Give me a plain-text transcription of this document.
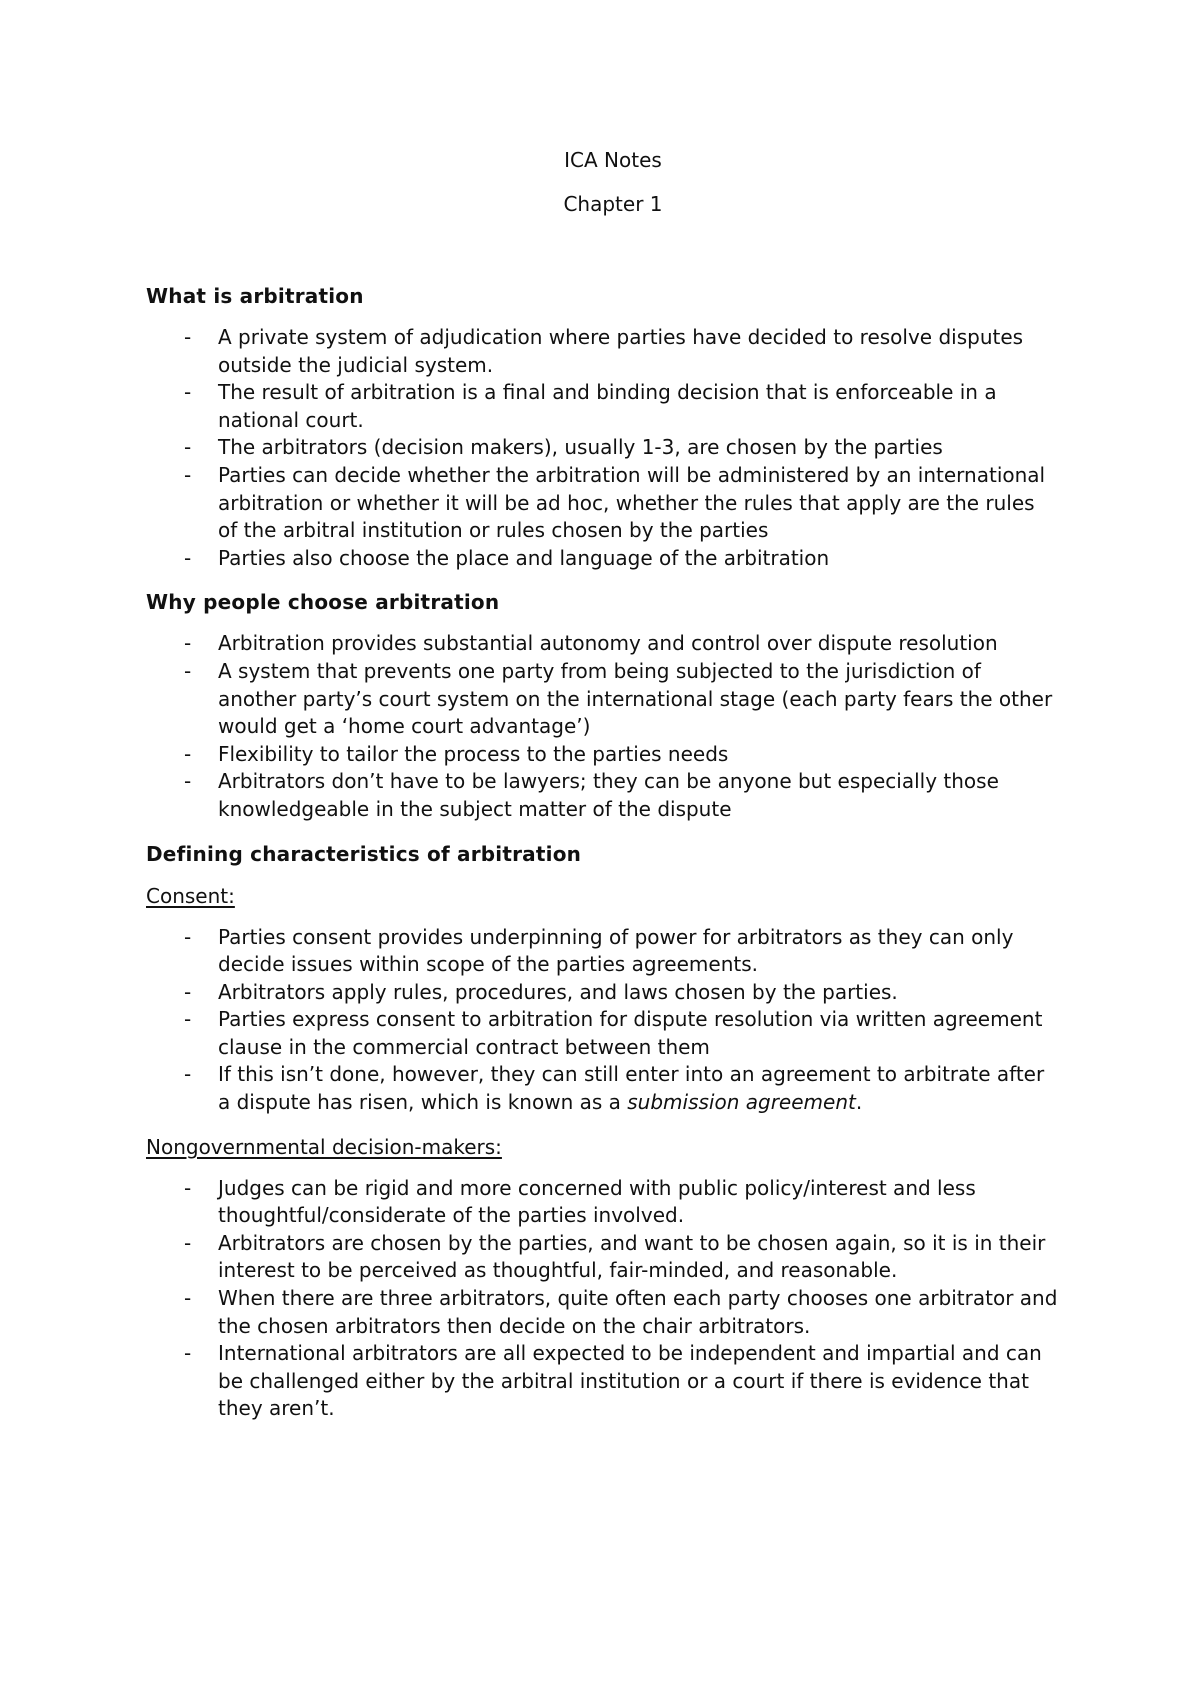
ICA Notes

Chapter 1

What is arbitration
- A private system of adjudication where parties have decided to resolve disputes outside the judicial system.
- The result of arbitration is a final and binding decision that is enforceable in a national court.
- The arbitrators (decision makers), usually 1-3, are chosen by the parties
- Parties can decide whether the arbitration will be administered by an international arbitration or whether it will be ad hoc, whether the rules that apply are the rules of the arbitral institution or rules chosen by the parties
- Parties also choose the place and language of the arbitration
Why people choose arbitration
- Arbitration provides substantial autonomy and control over dispute resolution
- A system that prevents one party from being subjected to the jurisdiction of another party’s court system on the international stage (each party fears the other would get a ‘home court advantage’)
- Flexibility to tailor the process to the parties needs
- Arbitrators don’t have to be lawyers; they can be anyone but especially those knowledgeable in the subject matter of the dispute
Defining characteristics of arbitration

Consent:

- Parties consent provides underpinning of power for arbitrators as they can only decide issues within scope of the parties agreements.
- Arbitrators apply rules, procedures, and laws chosen by the parties.
- Parties express consent to arbitration for dispute resolution via written agreement clause in the commercial contract between them
- If this isn’t done, however, they can still enter into an agreement to arbitrate after a dispute has risen, which is known as a submission agreement.

Nongovernmental decision-makers:

- Judges can be rigid and more concerned with public policy/interest and less thoughtful/considerate of the parties involved.
- Arbitrators are chosen by the parties, and want to be chosen again, so it is in their interest to be perceived as thoughtful, fair-minded, and reasonable.
- When there are three arbitrators, quite often each party chooses one arbitrator and the chosen arbitrators then decide on the chair arbitrators.
- International arbitrators are all expected to be independent and impartial and can be challenged either by the arbitral institution or a court if there is evidence that they aren’t.
